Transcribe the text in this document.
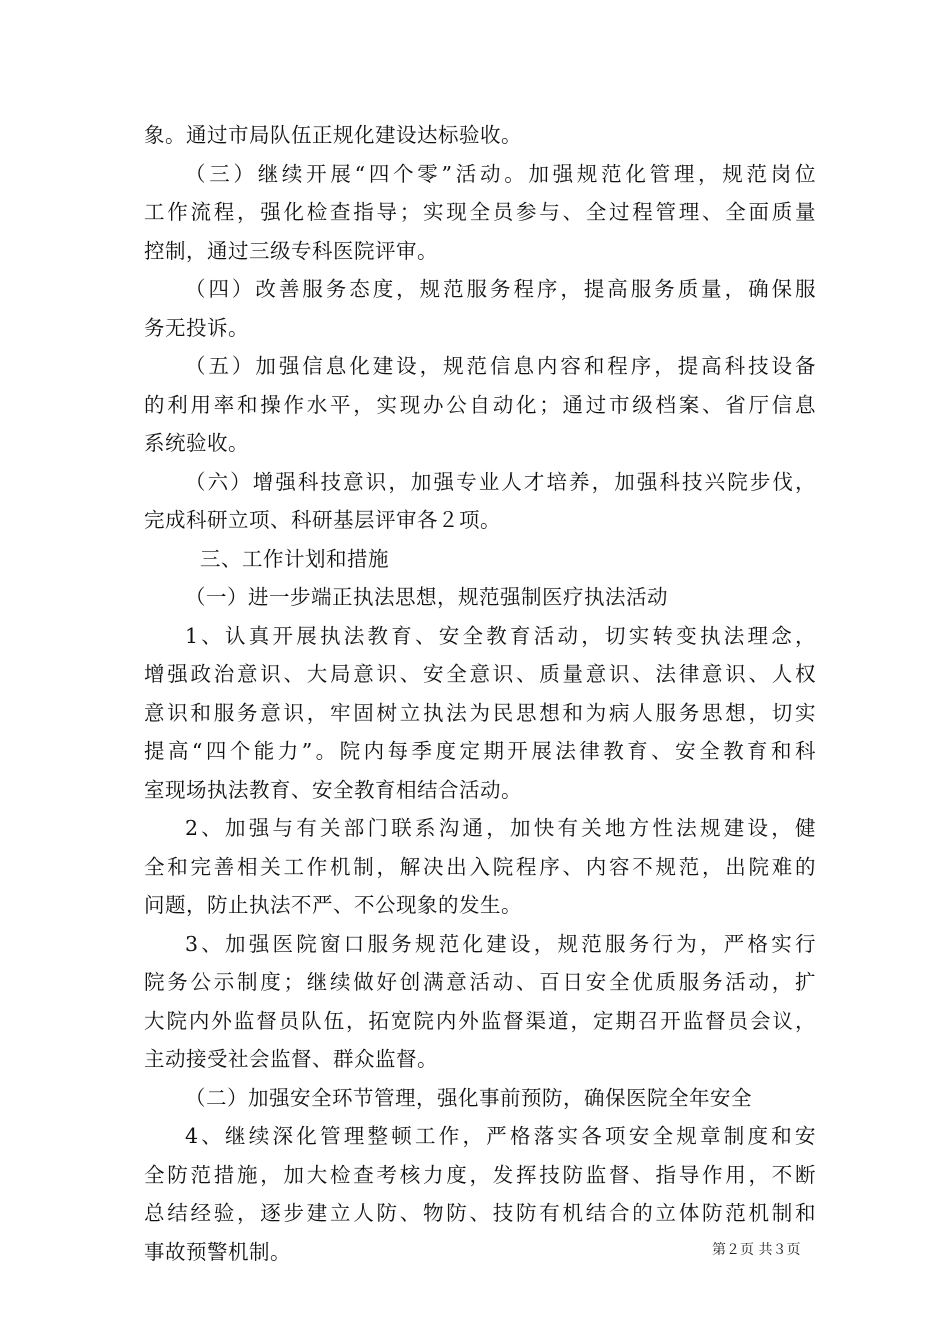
象。通过市局队伍正规化建设达标验收。
（三）继续开展“四个零”活动。加强规范化管理，规范岗位
工作流程，强化检查指导；实现全员参与、全过程管理、全面质量
控制，通过三级专科医院评审。
（四）改善服务态度，规范服务程序，提高服务质量，确保服
务无投诉。
（五）加强信息化建设，规范信息内容和程序，提高科技设备
的利用率和操作水平，实现办公自动化；通过市级档案、省厅信息
系统验收。
（六）增强科技意识，加强专业人才培养，加强科技兴院步伐，
完成科研立项、科研基层评审各２项。
三、工作计划和措施
（一）进一步端正执法思想，规范强制医疗执法活动
1、认真开展执法教育、安全教育活动，切实转变执法理念，
增强政治意识、大局意识、安全意识、质量意识、法律意识、人权
意识和服务意识，牢固树立执法为民思想和为病人服务思想，切实
提高“四个能力”。院内每季度定期开展法律教育、安全教育和科
室现场执法教育、安全教育相结合活动。
2、加强与有关部门联系沟通，加快有关地方性法规建设，健
全和完善相关工作机制，解决出入院程序、内容不规范，出院难的
问题，防止执法不严、不公现象的发生。
3、加强医院窗口服务规范化建设，规范服务行为，严格实行
院务公示制度；继续做好创满意活动、百日安全优质服务活动，扩
大院内外监督员队伍，拓宽院内外监督渠道，定期召开监督员会议，
主动接受社会监督、群众监督。
（二）加强安全环节管理，强化事前预防，确保医院全年安全
4、继续深化管理整顿工作，严格落实各项安全规章制度和安
全防范措施，加大检查考核力度，发挥技防监督、指导作用，不断
总结经验，逐步建立人防、物防、技防有机结合的立体防范机制和
事故预警机制。	第２页 共３页
